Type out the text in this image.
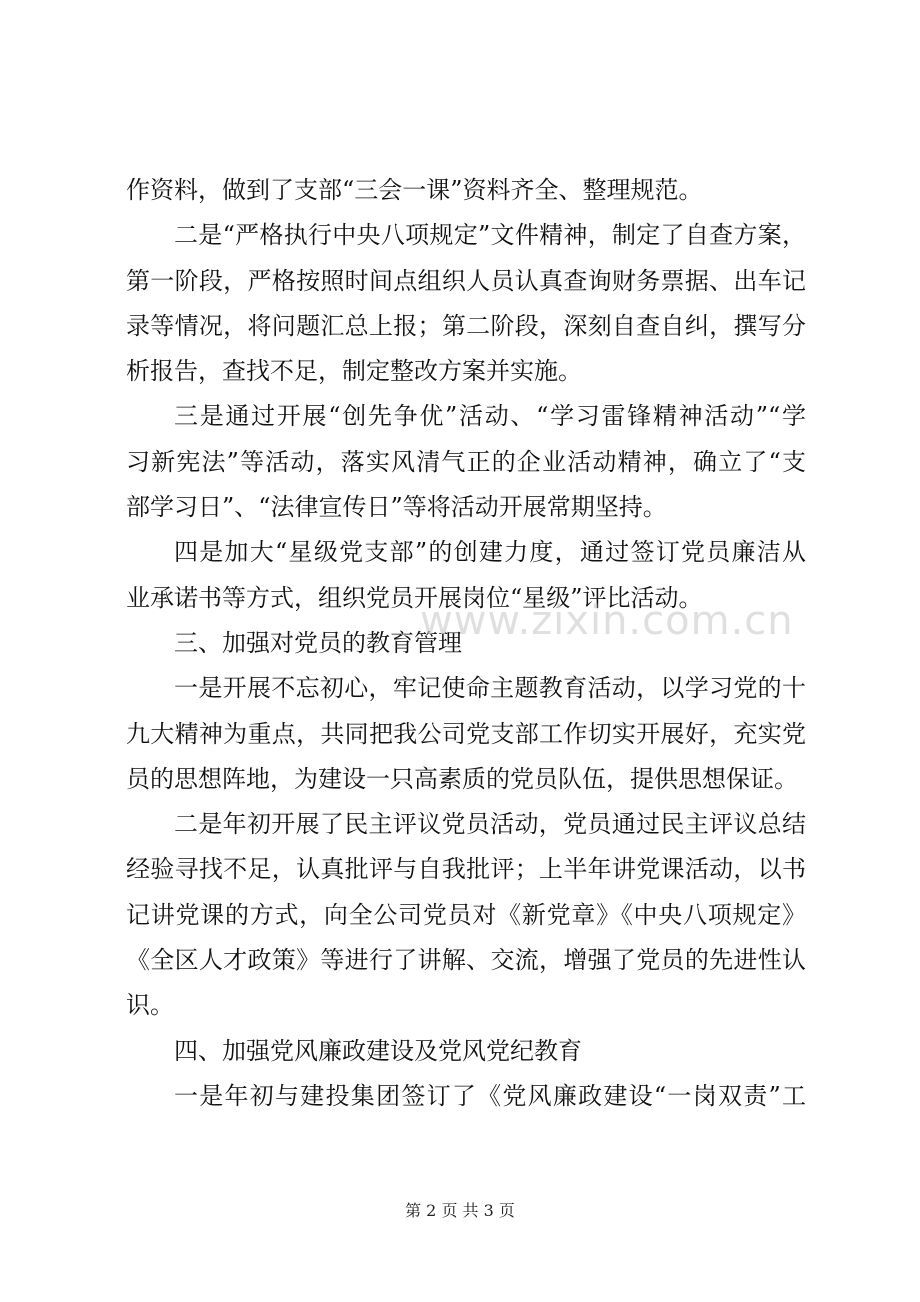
作资料，做到了支部“三会一课”资料齐全、整理规范。
二是“严格执行中央八项规定”文件精神，制定了自查方案，
第一阶段，严格按照时间点组织人员认真查询财务票据、出车记
录等情况，将问题汇总上报；第二阶段，深刻自查自纠，撰写分
析报告，查找不足，制定整改方案并实施。
三是通过开展“创先争优”活动、“学习雷锋精神活动”“学
习新宪法”等活动，落实风清气正的企业活动精神，确立了“支
部学习日”、“法律宣传日”等将活动开展常期坚持。
四是加大“星级党支部”的创建力度，通过签订党员廉洁从
业承诺书等方式，组织党员开展岗位“星级”评比活动。
三、加强对党员的教育管理
一是开展不忘初心，牢记使命主题教育活动，以学习党的十
九大精神为重点，共同把我公司党支部工作切实开展好，充实党
员的思想阵地，为建设一只高素质的党员队伍，提供思想保证。
二是年初开展了民主评议党员活动，党员通过民主评议总结
经验寻找不足，认真批评与自我批评；上半年讲党课活动，以书
记讲党课的方式，向全公司党员对《新党章》《中央八项规定》
《全区人才政策》等进行了讲解、交流，增强了党员的先进性认
识。
四、加强党风廉政建设及党风党纪教育
一是年初与建投集团签订了《党风廉政建设“一岗双责”工
www.zixin.com.cn
第 2 页 共 3 页
